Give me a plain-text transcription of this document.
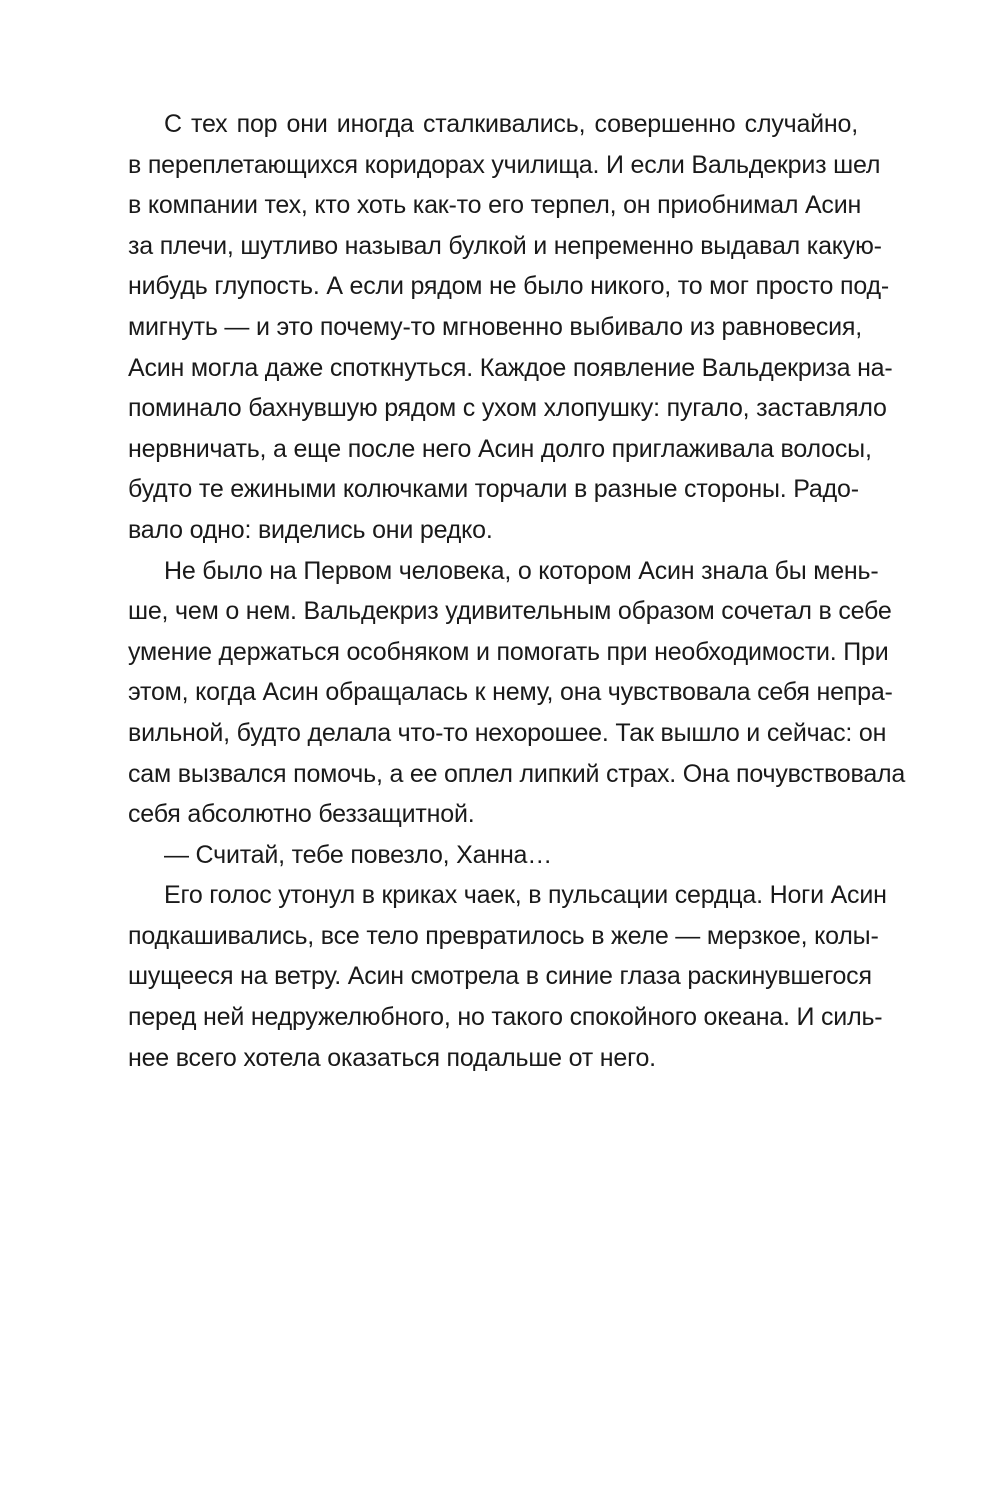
С тех пор они иногда сталкивались, совершенно случайно,
в переплетающихся коридорах училища. И если Вальдекриз шел
в компании тех, кто хоть как-то его терпел, он приобнимал Асин
за плечи, шутливо называл булкой и непременно выдавал какую-
нибудь глупость. А если рядом не было никого, то мог просто под-
мигнуть — и это почему-то мгновенно выбивало из равновесия,
Асин могла даже споткнуться. Каждое появление Вальдекриза на-
поминало бахнувшую рядом с ухом хлопушку: пугало, заставляло
нервничать, а еще после него Асин долго приглаживала волосы,
будто те ежиными колючками торчали в разные стороны. Радо-
вало одно: виделись они редко.
Не было на Первом человека, о котором Асин знала бы мень-
ше, чем о нем. Вальдекриз удивительным образом сочетал в себе
умение держаться особняком и помогать при необходимости. При
этом, когда Асин обращалась к нему, она чувствовала себя непра-
вильной, будто делала что-то нехорошее. Так вышло и сейчас: он
сам вызвался помочь, а ее оплел липкий страх. Она почувствовала
себя абсолютно беззащитной.
— Считай, тебе повезло, Ханна…
Его голос утонул в криках чаек, в пульсации сердца. Ноги Асин
подкашивались, все тело превратилось в желе — мерзкое, колы-
шущееся на ветру. Асин смотрела в синие глаза раскинувшегося
перед ней недружелюбного, но такого спокойного океана. И силь-
нее всего хотела оказаться подальше от него.
